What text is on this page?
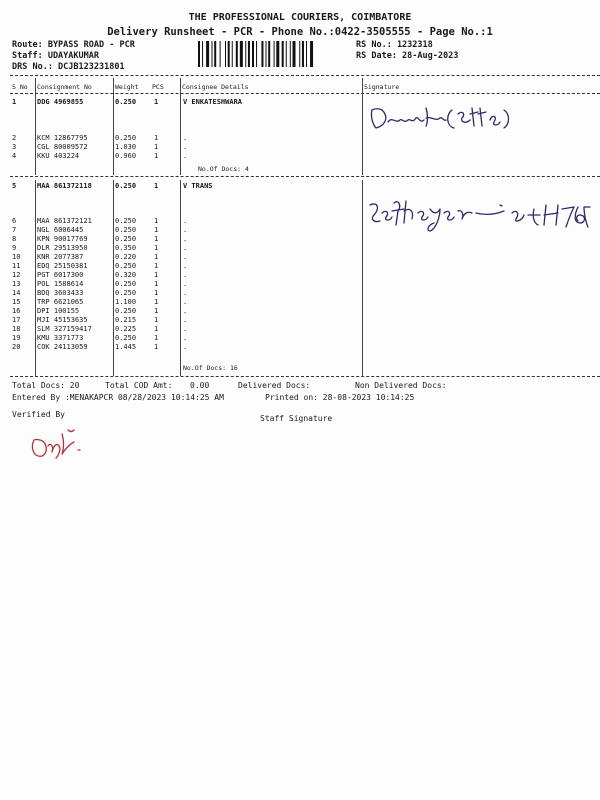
THE PROFESSIONAL COURIERS, COIMBATORE
Delivery Runsheet - PCR - Phone No.:0422-3505555 - Page No.:1
Route: BYPASS ROAD - PCR
Staff: UDAYAKUMAR
DRS No.: DCJB123231801
RS No.: 1232318
RS Date: 28-Aug-2023
S No Consignment No	Weight PCS	Consignee Details	Signature
1	DDG 4969855	0.250	1	V ENKATESHWARA
2	KCM 12867795	0.250	1	.
3	CGL 80009572	1.030	1	.
4	KKU 403224	0.960	1	.
No.Of Docs: 4
5	MAA 861372118	0.250	1	V TRANS
6	MAA 861372121	0.250	1	.
7	NGL 6006445	0.250	1	.
8	KPN 90017769	0.250	1	.
9	DLR 29513950	0.350	1	.
10 KNR 2077387	0.220	1	.
11 EDQ 25150381	0.250	1	.
12 PGT 6017300	0.320	1	.
13 POL 1588614	0.250	1	.
14 BDQ 3603433	0.250	1	.
15 TRP 6621065	1.100	1	.
16 DPI 100155	0.250	1	.
17 MJI 45153635	0.215	1	.
18 SLM 327159417	0.225	1	.
19 KMU 3371773	0.250	1	.
20 COK 24113059	1.445	1	.
No.Of Docs: 16
Total Docs: 20	Total COD Amt: 0.00	Delivered Docs:	Non Delivered Docs:
Entered By :MENAKAPCR 08/28/2023 10:14:25 AM	Printed on: 28-08-2023 10:14:25
Verified By	Staff Signature
